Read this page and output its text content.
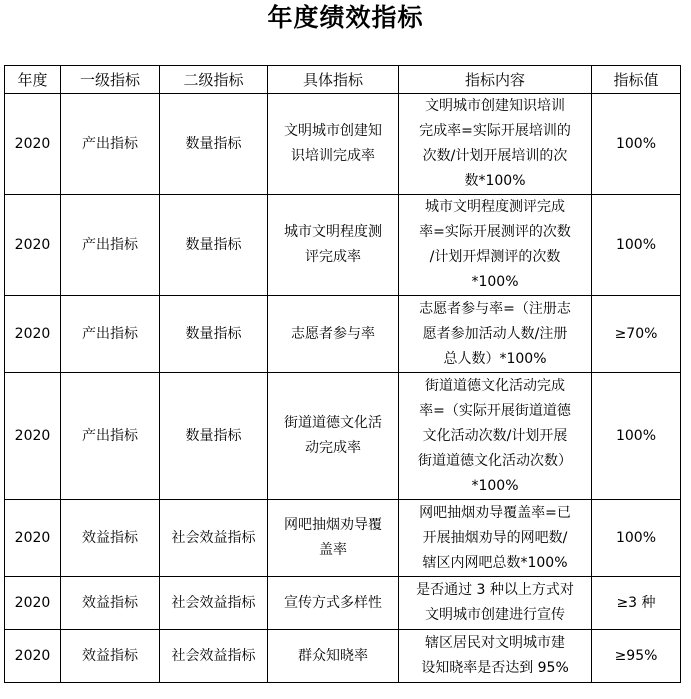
年度绩效指标
年度	一级指标	二级指标	具体指标	指标内容	指标值
2020	产出指标	数量指标	文明城市创建知
识培训完成率	文明城市创建知识培训
完成率=实际开展培训的
次数/计划开展培训的次
数*100%	100%
2020	产出指标	数量指标	城市文明程度测
评完成率	城市文明程度测评完成
率=实际开展测评的次数
/计划开焊测评的次数
*100%	100%
2020	产出指标	数量指标	志愿者参与率	志愿者参与率=（注册志
愿者参加活动人数/注册
总人数）*100%	≥70%
2020	产出指标	数量指标	街道道德文化活
动完成率	街道道德文化活动完成
率=（实际开展街道道德
文化活动次数/计划开展
街道道德文化活动次数）
*100%	100%
2020	效益指标	社会效益指标	网吧抽烟劝导覆
盖率	网吧抽烟劝导覆盖率=已
开展抽烟劝导的网吧数/
辖区内网吧总数*100%	100%
2020	效益指标	社会效益指标	宣传方式多样性	是否通过 3 种以上方式对
文明城市创建进行宣传	≥3 种
2020	效益指标	社会效益指标	群众知晓率	辖区居民对文明城市建
设知晓率是否达到 95%	≥95%
